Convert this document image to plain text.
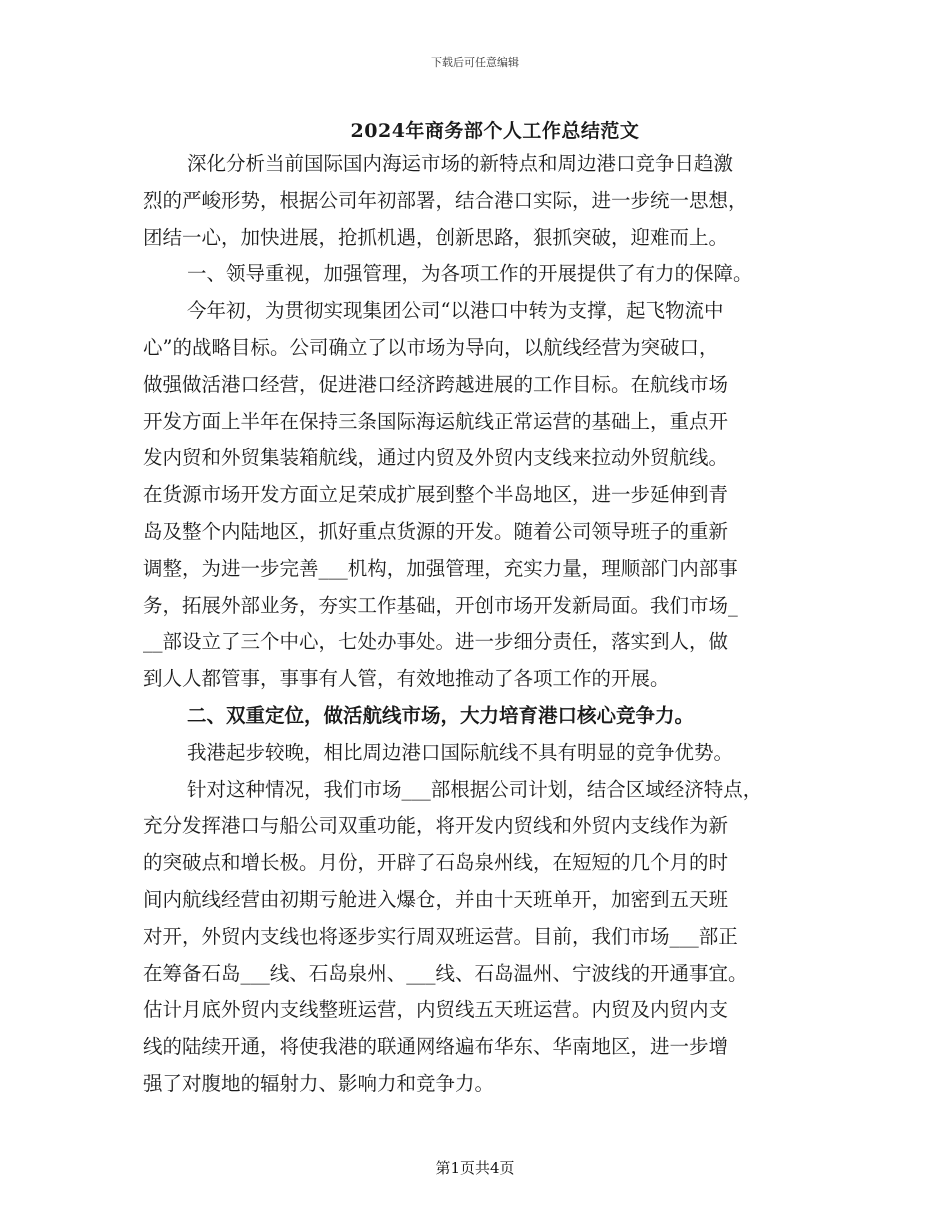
下载后可任意编辑
2024年商务部个人工作总结范文
深化分析当前国际国内海运市场的新特点和周边港口竞争日趋激
烈的严峻形势，根据公司年初部署，结合港口实际，进一步统一思想，
团结一心，加快进展，抢抓机遇，创新思路，狠抓突破，迎难而上。
一、领导重视，加强管理，为各项工作的开展提供了有力的保障。
今年初，为贯彻实现集团公司“以港口中转为支撑，起飞物流中
心”的战略目标。公司确立了以市场为导向，以航线经营为突破口，
做强做活港口经营，促进港口经济跨越进展的工作目标。在航线市场
开发方面上半年在保持三条国际海运航线正常运营的基础上，重点开
发内贸和外贸集装箱航线，通过内贸及外贸内支线来拉动外贸航线。
在货源市场开发方面立足荣成扩展到整个半岛地区，进一步延伸到青
岛及整个内陆地区，抓好重点货源的开发。随着公司领导班子的重新
调整，为进一步完善___机构，加强管理，充实力量，理顺部门内部事
务，拓展外部业务，夯实工作基础，开创市场开发新局面。我们市场_
__部设立了三个中心，七处办事处。进一步细分责任，落实到人，做
到人人都管事，事事有人管，有效地推动了各项工作的开展。
二、双重定位，做活航线市场，大力培育港口核心竞争力。
我港起步较晚，相比周边港口国际航线不具有明显的竞争优势。
针对这种情况，我们市场___部根据公司计划，结合区域经济特点，
充分发挥港口与船公司双重功能，将开发内贸线和外贸内支线作为新
的突破点和增长极。月份，开辟了石岛泉州线，在短短的几个月的时
间内航线经营由初期亏舱进入爆仓，并由十天班单开，加密到五天班
对开，外贸内支线也将逐步实行周双班运营。目前，我们市场___部正
在筹备石岛___线、石岛泉州、___线、石岛温州、宁波线的开通事宜。
估计月底外贸内支线整班运营，内贸线五天班运营。内贸及内贸内支
线的陆续开通，将使我港的联通网络遍布华东、华南地区，进一步增
强了对腹地的辐射力、影响力和竞争力。
第1页共4页
